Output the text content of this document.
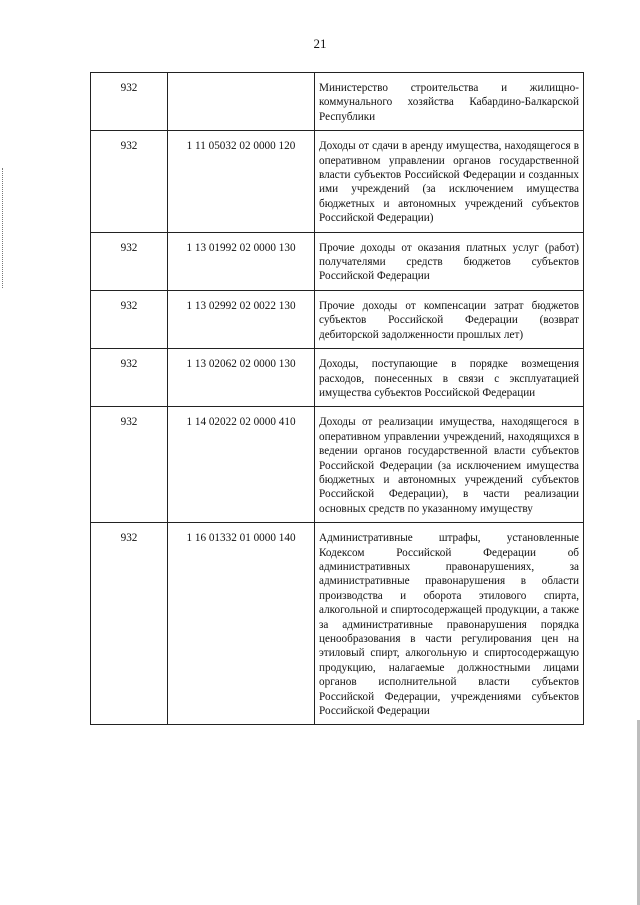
21
932		Министерство строительства и жилищно-коммунального хозяйства Кабардино-Балкарской Республики
932	1 11 05032 02 0000 120	Доходы от сдачи в аренду имущества, находящегося в оперативном управлении органов государственной власти субъектов Российской Федерации и созданных ими учреждений (за исключением имущества бюджетных и автономных учреждений субъектов Российской Федерации)
932	1 13 01992 02 0000 130	Прочие доходы от оказания платных услуг (работ) получателями средств бюджетов субъектов Российской Федерации
932	1 13 02992 02 0022 130	Прочие доходы от компенсации затрат бюджетов субъектов Российской Федерации (возврат дебиторской задолженности прошлых лет)
932	1 13 02062 02 0000 130	Доходы, поступающие в порядке возмещения расходов, понесенных в связи с эксплуатацией имущества субъектов Российской Федерации
932	1 14 02022 02 0000 410	Доходы от реализации имущества, находящегося в оперативном управлении учреждений, находящихся в ведении органов государственной власти субъектов Российской Федерации (за исключением имущества бюджетных и автономных учреждений субъектов Российской Федерации), в части реализации основных средств по указанному имуществу
932	1 16 01332 01 0000 140	Административные штрафы, установленные Кодексом Российской Федерации об административных правонарушениях, за административные правонарушения в области производства и оборота этилового спирта, алкогольной и спиртосодержащей продукции, а также за административные правонарушения порядка ценообразования в части регулирования цен на этиловый спирт, алкогольную и спиртосодержащую продукцию, налагаемые должностными лицами органов исполнительной власти субъектов Российской Федерации, учреждениями субъектов Российской Федерации
